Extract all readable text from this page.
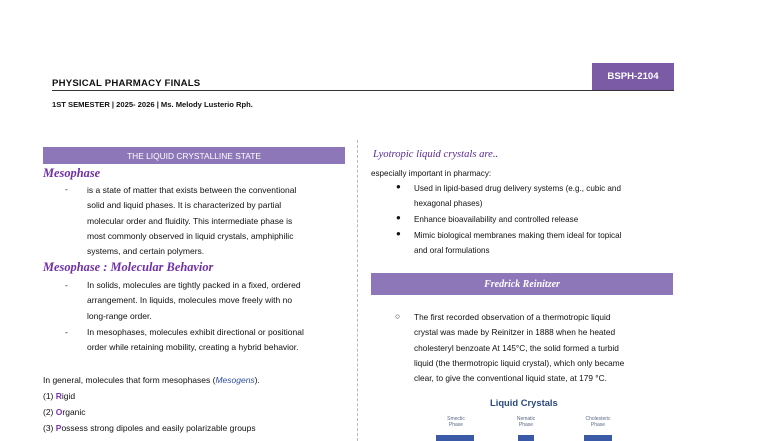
PHYSICAL PHARMACY FINALS
BSPH-2104
1ST SEMESTER | 2025- 2026 | Ms. Melody Lusterio Rph.
THE LIQUID CRYSTALLINE STATE
Mesophase
- is a state of matter that exists between the conventional
solid and liquid phases. It is characterized by partial
molecular order and fluidity. This intermediate phase is
most commonly observed in liquid crystals, amphiphilic
systems, and certain polymers.
Mesophase : Molecular Behavior
- In solids, molecules are tightly packed in a fixed, ordered
arrangement. In liquids, molecules move freely with no
long-range order.
- In mesophases, molecules exhibit directional or positional
order while retaining mobility, creating a hybrid behavior.
In general, molecules that form mesophases (Mesogens).
(1) Rigid
(2) Organic
(3) Possess strong dipoles and easily polarizable groups
Lyotropic liquid crystals are..
especially important in pharmacy:
● Used in lipid-based drug delivery systems (e.g., cubic and
hexagonal phases)
● Enhance bioavailability and controlled release
● Mimic biological membranes making them ideal for topical
and oral formulations
Fredrick Reinitzer
○ The first recorded observation of a thermotropic liquid
crystal was made by Reinitzer in 1888 when he heated
cholesteryl benzoate At 145°C, the solid formed a turbid
liquid (the thermotropic liquid crystal), which only became
clear, to give the conventional liquid state, at 179 °C.
Liquid Crystals
Smectic
Phase
Nematic
Phase
Cholesteric
Phase
